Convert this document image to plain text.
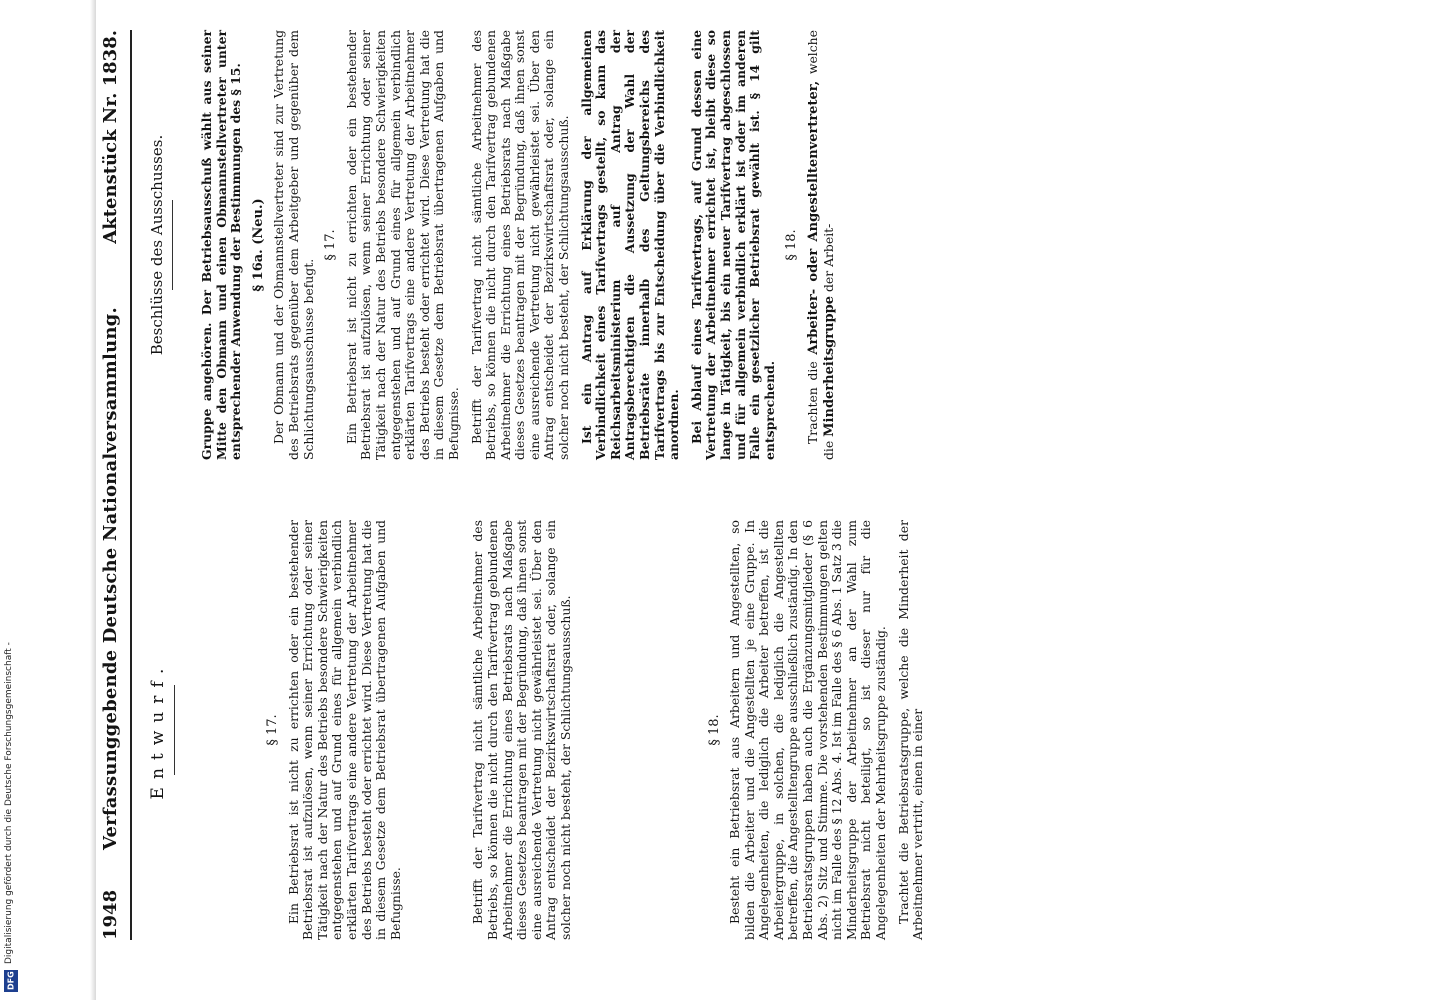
Digitalisierung gefördert durch die Deutsche Forschungsgemeinschaft -
DFG
1948
Verfassunggebende Deutsche Nationalversammlung.
Aktenstück Nr. 1838.
Entwurf.
Beschlüsse des Ausschusses.
§ 17. Ein Betriebsrat ist nicht zu errichten oder ein bestehender Betriebsrat ist aufzulösen, wenn seiner Errichtung oder seiner Tätigkeit nach der Natur des Betriebs besondere Schwierigkeiten entgegenstehen und auf Grund eines für allgemein verbindlich erklärten Tarifvertrags eine andere Vertretung der Arbeitnehmer des Betriebs besteht oder errichtet wird. Diese Vertretung hat die in diesem Gesetze dem Betriebsrat übertragenen Aufgaben und Befugnisse.	Betrifft der Tarifvertrag nicht sämtliche Arbeitnehmer des Betriebs, so können die nicht durch den Tarifvertrag gebundenen Arbeitnehmer die Errichtung eines Betriebsrats nach Maßgabe dieses Gesetzes beantragen mit der Begründung, daß ihnen sonst eine ausreichende Vertretung nicht gewährleistet sei. Über den Antrag entscheidet der Bezirkswirtschaftsrat oder, solange ein solcher noch nicht besteht, der Schlichtungsausschuß.	§ 18. Besteht ein Betriebsrat aus Arbeitern und Angestellten, so bilden die Arbeiter und die Angestellten je eine Gruppe. In Angelegenheiten, die lediglich die Arbeiter betreffen, ist die Arbeitergruppe, in solchen, die lediglich die Angestellten betreffen, die Angestelltengruppe ausschließlich zuständig. In den Betriebsratsgruppen haben auch die Ergänzungsmitglieder (§ 6 Abs. 2) Sitz und Stimme. Die vorstehenden Bestimmungen gelten nicht im Falle des § 12 Abs. 4. Ist im Falle des § 6 Abs. 1 Satz 3 die Minderheitsgruppe der Arbeitnehmer an der Wahl zum Betriebsrat nicht beteiligt, so ist dieser nur für die Angelegenheiten der Mehrheitsgruppe zuständig. Trachtet die Betriebsratsgruppe, welche die Minderheit der Arbeitnehmer vertritt, einen in einer

Gruppe angehören. Der Betriebsausschuß wählt aus seiner Mitte den Obmann und einen Obmannstellvertreter unter entsprechender Anwendung der Bestimmungen des § 15. § 16a. (Neu.) Der Obmann und der Obmannstellvertreter sind zur Vertretung des Betriebsrats gegenüber dem Arbeitgeber und gegenüber dem Schlichtungsausschusse befugt.

§ 17. Ein Betriebsrat ist nicht zu errichten oder ein bestehender Betriebsrat ist aufzulösen, wenn seiner Errichtung oder seiner Tätigkeit nach der Natur des Betriebs besondere Schwierigkeiten entgegenstehen und auf Grund eines für allgemein verbindlich erklärten Tarifvertrags eine andere Vertretung der Arbeitnehmer des Betriebs besteht oder errichtet wird. Diese Vertretung hat die in diesem Gesetze dem Betriebsrat übertragenen Aufgaben und Befugnisse. Betrifft der Tarifvertrag nicht sämtliche Arbeitnehmer des Betriebs, so können die nicht durch den Tarifvertrag gebundenen Arbeitnehmer die Errichtung eines Betriebsrats nach Maßgabe dieses Gesetzes beantragen mit der Begründung, daß ihnen sonst eine ausreichende Vertretung nicht gewährleistet sei. Über den Antrag entscheidet der Bezirkswirtschaftsrat oder, solange ein solcher noch nicht besteht, der Schlichtungsausschuß. Ist ein Antrag auf Erklärung der allgemeinen Verbindlichkeit eines Tarifvertrags gestellt, so kann das Reichsarbeitsministerium auf Antrag der Antragsberechtigten die Aussetzung der Wahl der Betriebsräte innerhalb des Geltungsbereichs des Tarifvertrags bis zur Entscheidung über die Verbindlichkeit anordnen. Bei Ablauf eines Tarifvertrags, auf Grund dessen eine Vertretung der Arbeitnehmer errichtet ist, bleibt diese so lange in Tätigkeit, bis ein neuer Tarifvertrag abgeschlossen und für allgemein verbindlich erklärt ist oder im anderen Falle ein gesetzlicher Betriebsrat gewählt ist. § 14 gilt entsprechend.

§ 18.

Trachten die Arbeiter- oder Angestelltenvertreter, welche die Minderheitsgruppe der Arbeit-
